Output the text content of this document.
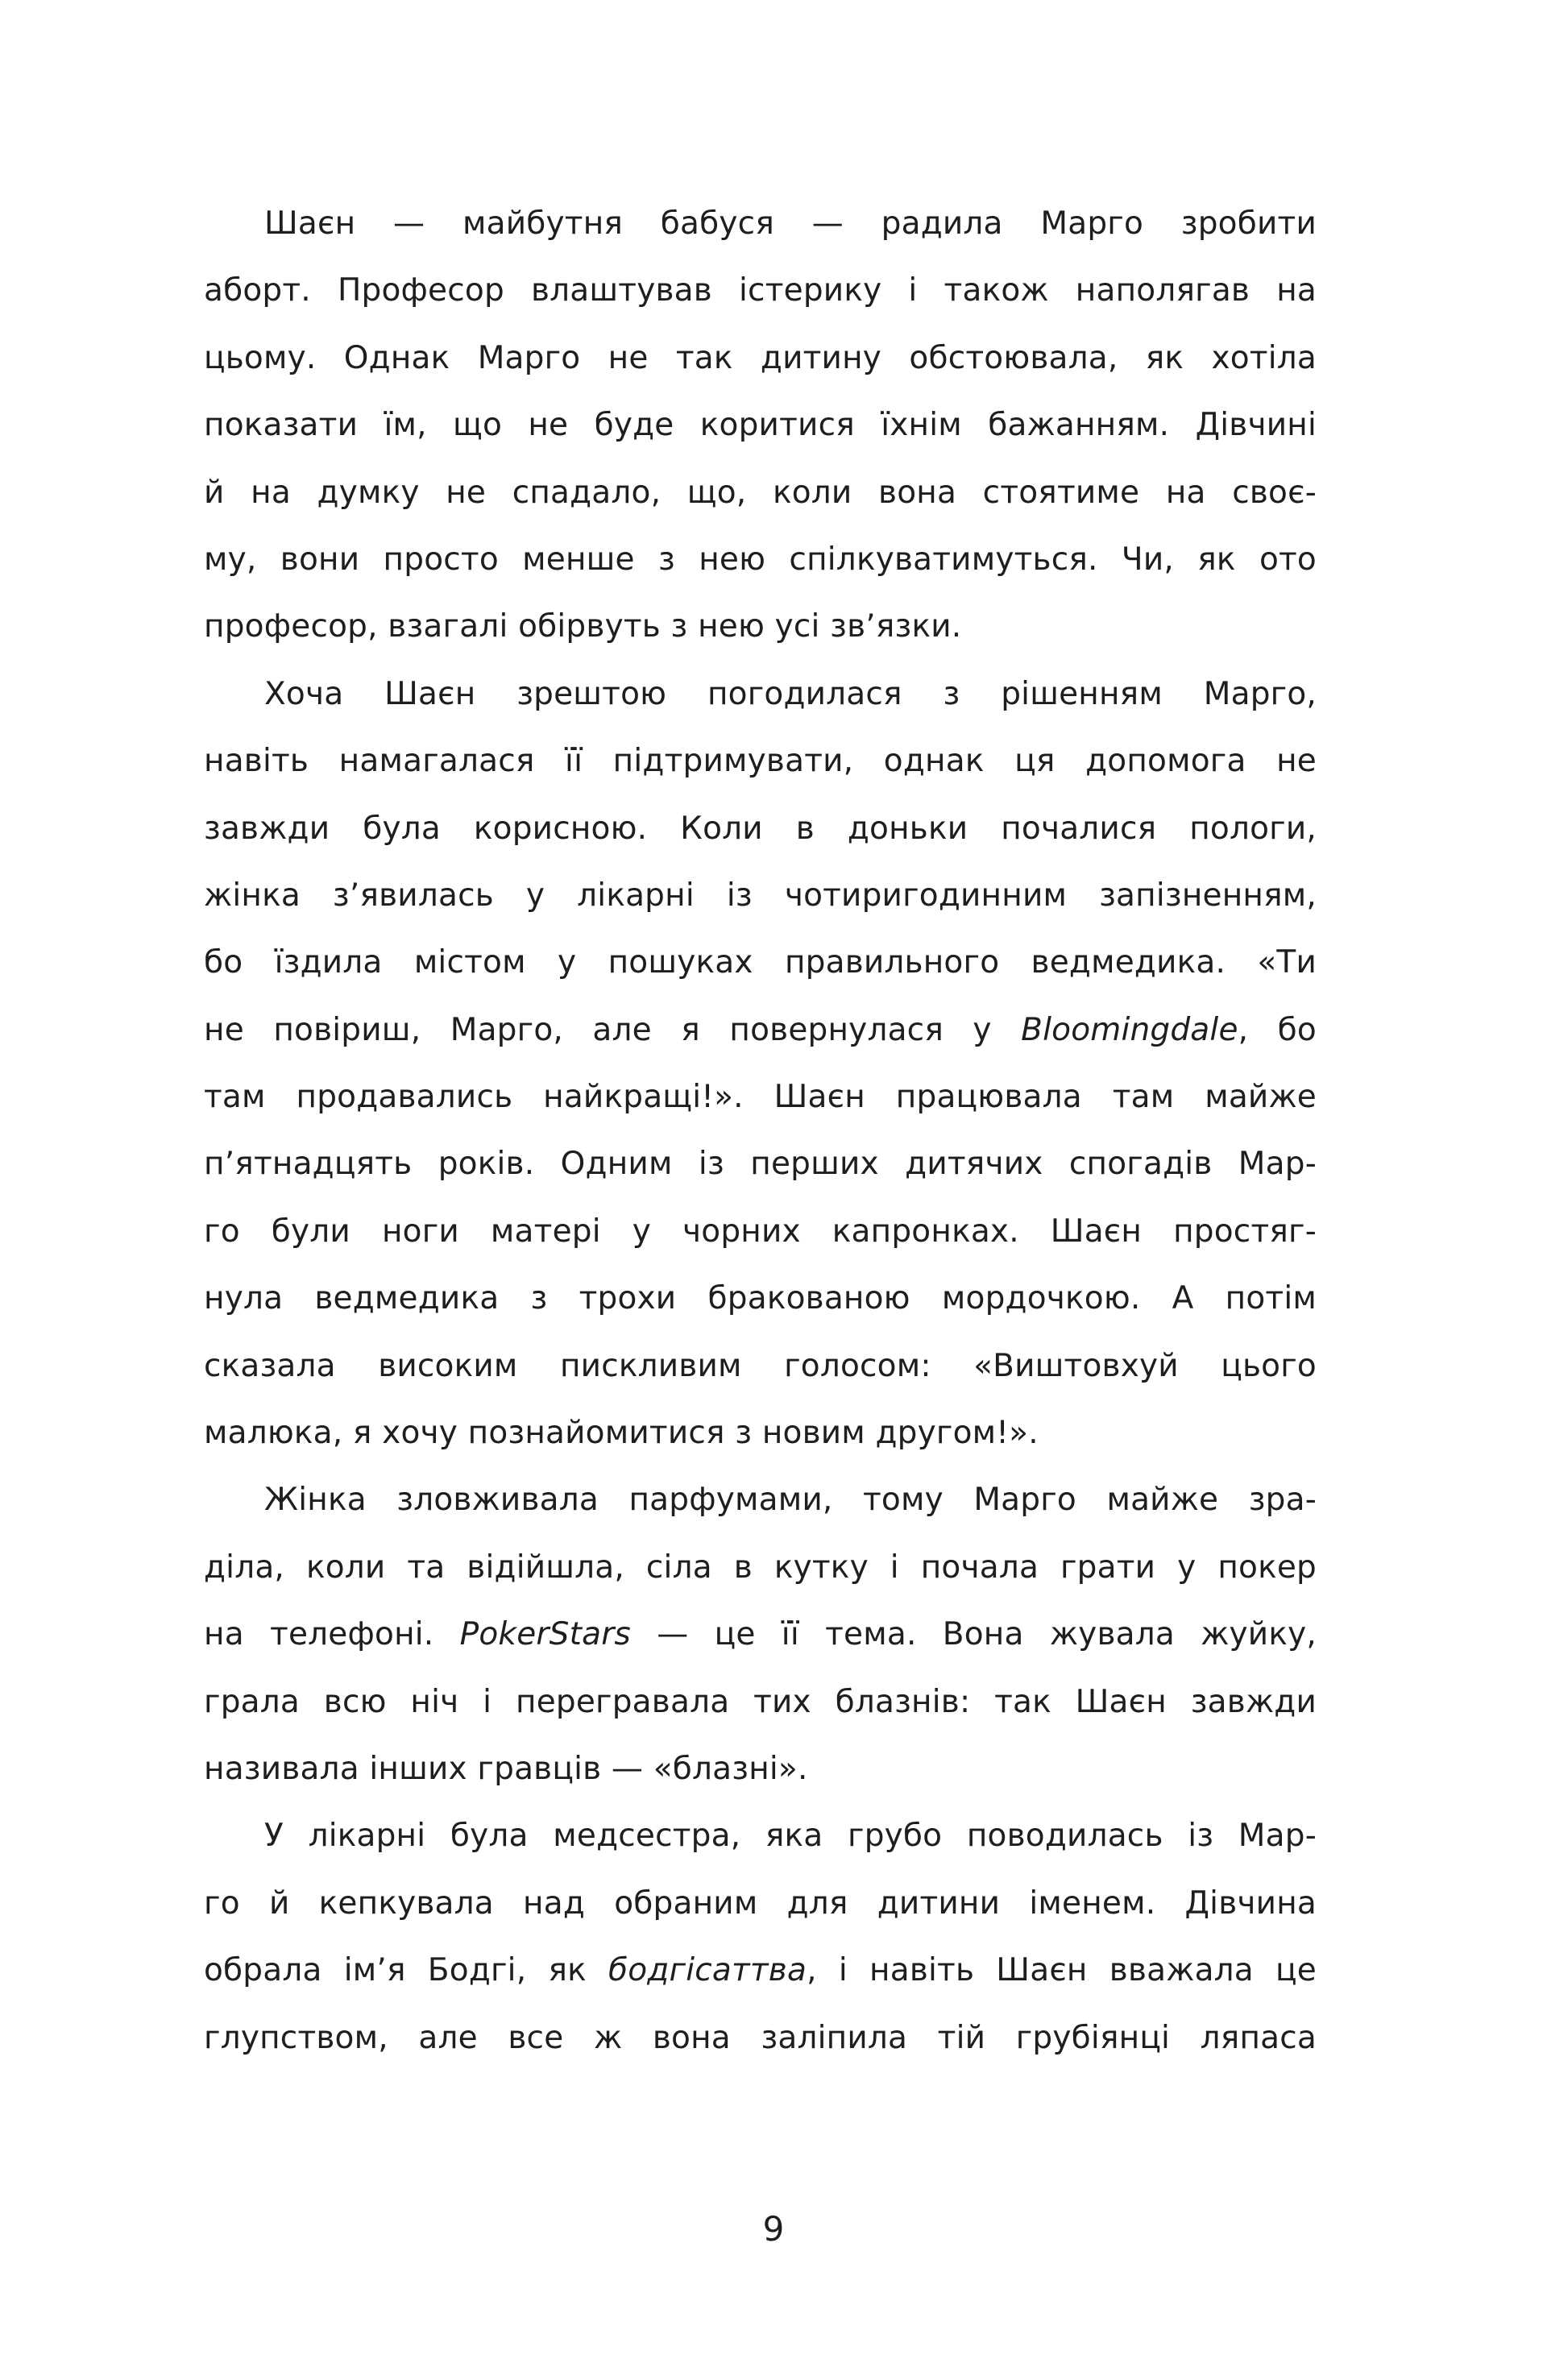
Шаєн — майбутня бабуся — радила Марго зробити
аборт. Професор влаштував істерику і також наполягав на
цьому. Однак Марго не так дитину обстоювала, як хотіла
показати їм, що не буде коритися їхнім бажанням. Дівчині
й на думку не спадало, що, коли вона стоятиме на своє-
му, вони просто менше з нею спілкуватимуться. Чи, як ото
професор, взагалі обірвуть з нею усі зв’язки.
Хоча Шаєн зрештою погодилася з рішенням Марго,
навіть намагалася її підтримувати, однак ця допомога не
завжди була корисною. Коли в доньки почалися пологи,
жінка з’явилась у лікарні із чотиригодинним запізненням,
бо їздила містом у пошуках правильного ведмедика. «Ти
не повіриш, Марго, але я повернулася у Bloomingdale, бо
там продавались найкращі!». Шаєн працювала там майже
п’ятнадцять років. Одним із перших дитячих спогадів Мар-
го були ноги матері у чорних капронках. Шаєн простяг-
нула ведмедика з трохи бракованою мордочкою. А потім
сказала високим пискливим голосом: «Виштовхуй цього
малюка, я хочу познайомитися з новим другом!».
Жінка зловживала парфумами, тому Марго майже зра-
діла, коли та відійшла, сіла в кутку і почала грати у покер
на телефоні. PokerStars — це її тема. Вона жувала жуйку,
грала всю ніч і перегравала тих блазнів: так Шаєн завжди
називала інших гравців — «блазні».
У лікарні була медсестра, яка грубо поводилась із Мар-
го й кепкувала над обраним для дитини іменем. Дівчина
обрала ім’я Бодгі, як бодгісаттва, і навіть Шаєн вважала це
глупством, але все ж вона заліпила тій грубіянці ляпаса
9
